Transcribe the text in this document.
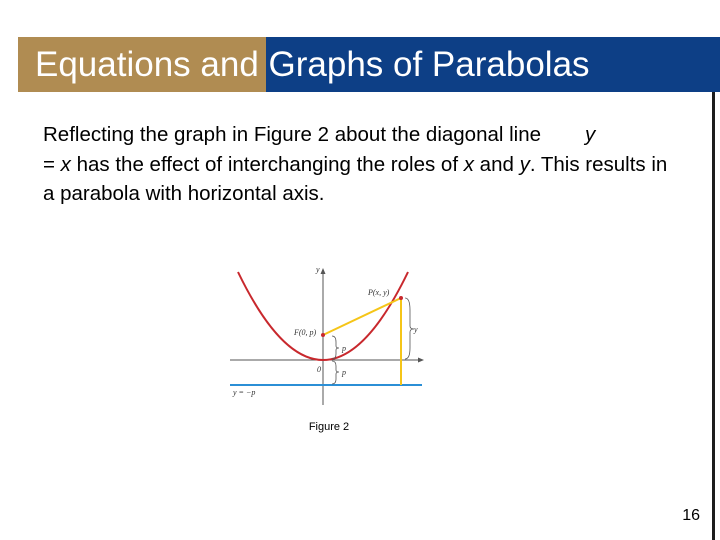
Equations and Graphs of Parabolas

Reflecting the graph in Figure 2 about the diagonal line y
= x has the effect of interchanging the roles of x and y. This results in a parabola with horizontal axis.

y
P(x, y)
F(0, p)
0
p
p
y
y = −p
Figure 2
16
